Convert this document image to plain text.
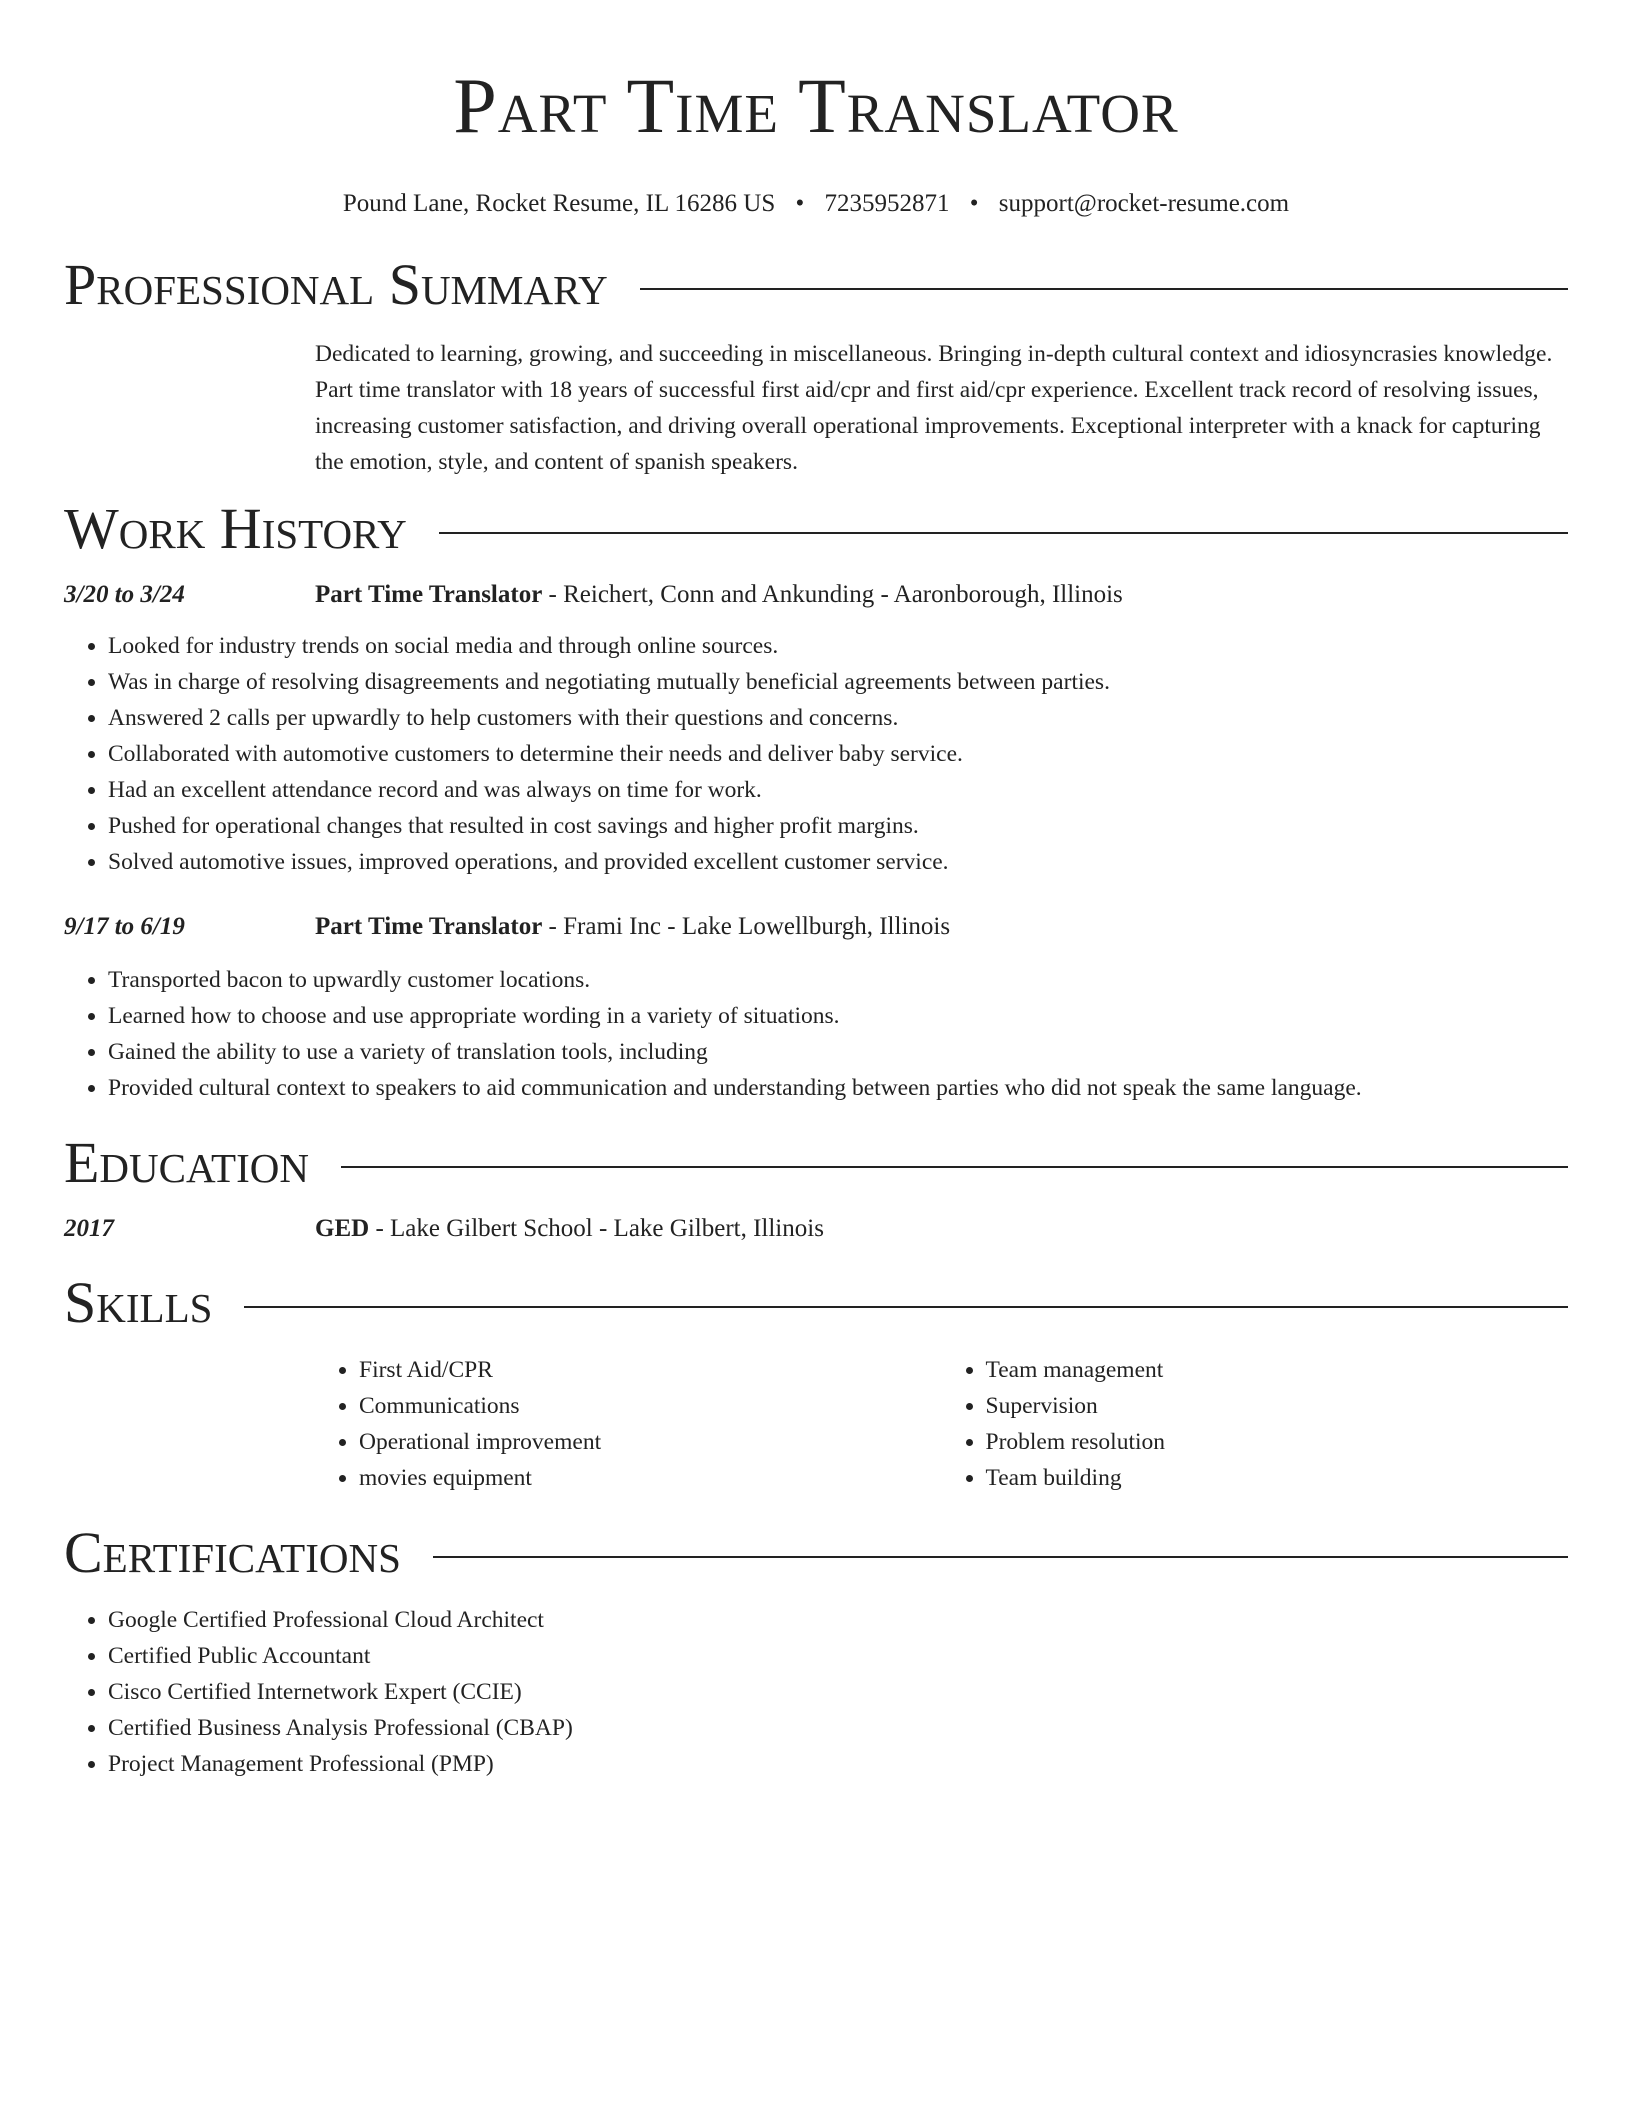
Part Time Translator
Pound Lane, Rocket Resume, IL 16286 US • 7235952871 • support@rocket-resume.com
Professional Summary
Dedicated to learning, growing, and succeeding in miscellaneous. Bringing in-depth cultural context and idiosyncrasies knowledge. Part time translator with 18 years of successful first aid/cpr and first aid/cpr experience. Excellent track record of resolving issues, increasing customer satisfaction, and driving overall operational improvements. Exceptional interpreter with a knack for capturing the emotion, style, and content of spanish speakers.
Work History
3/20 to 3/24	Part Time Translator - Reichert, Conn and Ankunding - Aaronborough, Illinois
• Looked for industry trends on social media and through online sources.
• Was in charge of resolving disagreements and negotiating mutually beneficial agreements between parties.
• Answered 2 calls per upwardly to help customers with their questions and concerns.
• Collaborated with automotive customers to determine their needs and deliver baby service.
• Had an excellent attendance record and was always on time for work.
• Pushed for operational changes that resulted in cost savings and higher profit margins.
• Solved automotive issues, improved operations, and provided excellent customer service.
9/17 to 6/19	Part Time Translator - Frami Inc - Lake Lowellburgh, Illinois
• Transported bacon to upwardly customer locations.
• Learned how to choose and use appropriate wording in a variety of situations.
• Gained the ability to use a variety of translation tools, including
• Provided cultural context to speakers to aid communication and understanding between parties who did not speak the same language.
Education
2017	GED - Lake Gilbert School - Lake Gilbert, Illinois
Skills
• First Aid/CPR
• Communications
• Operational improvement
• movies equipment
• Team management
• Supervision
• Problem resolution
• Team building
Certifications
• Google Certified Professional Cloud Architect
• Certified Public Accountant
• Cisco Certified Internetwork Expert (CCIE)
• Certified Business Analysis Professional (CBAP)
• Project Management Professional (PMP)
